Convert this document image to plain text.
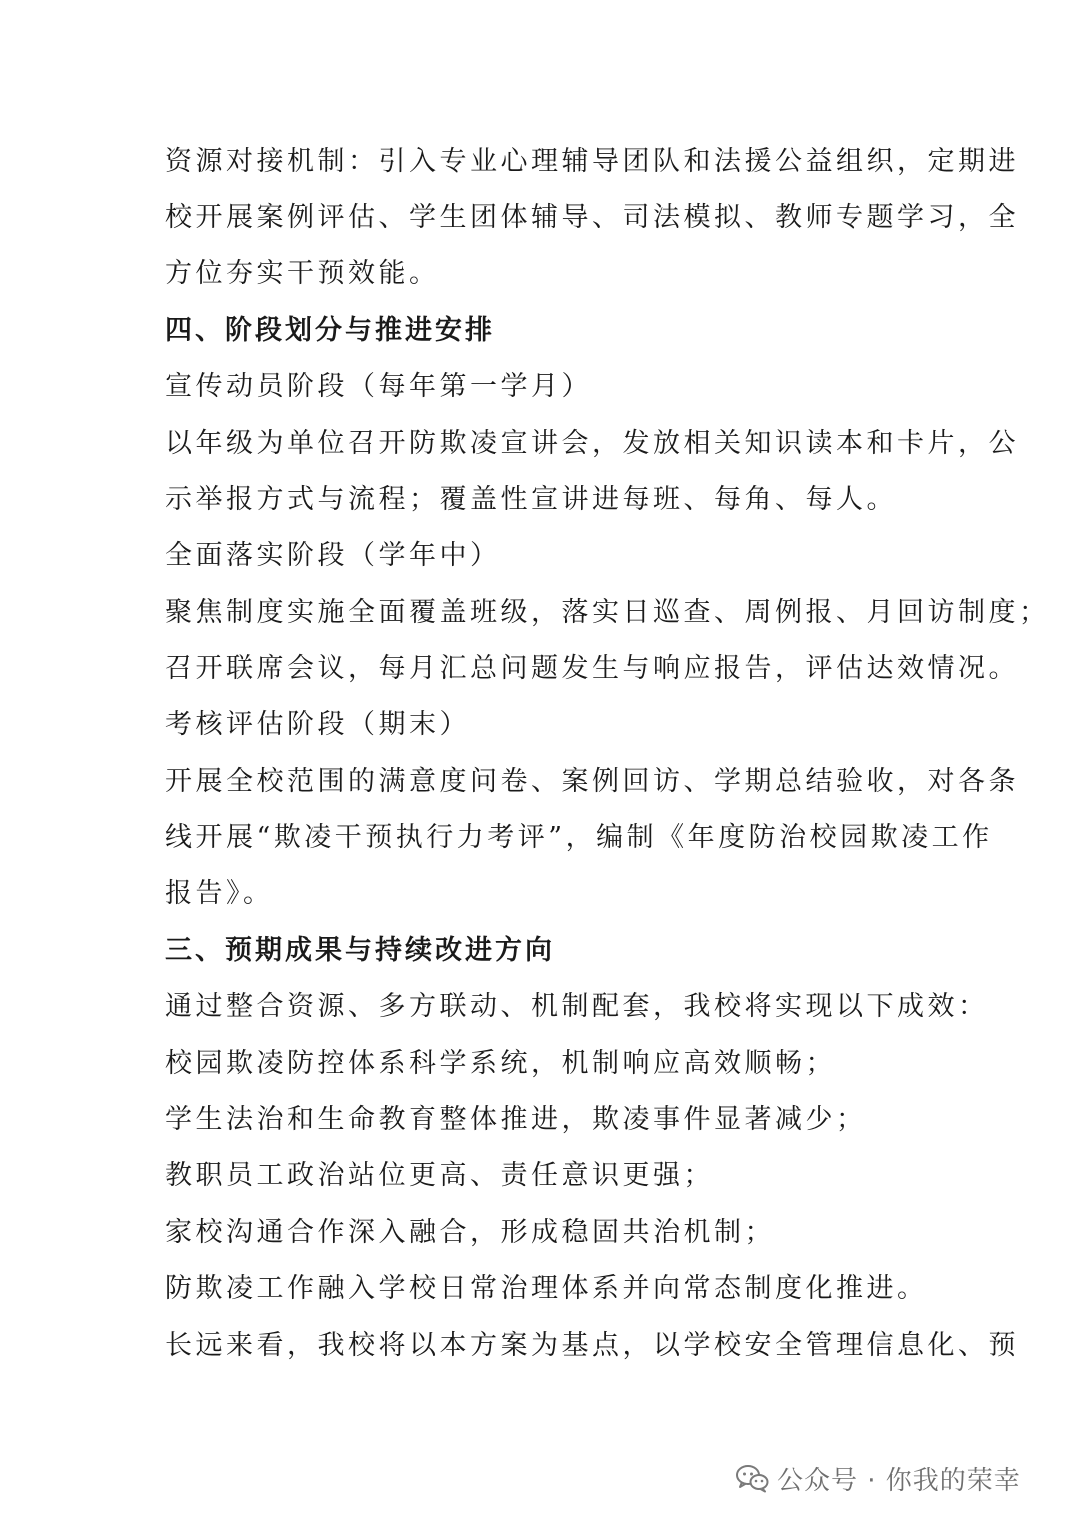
资源对接机制：引入专业心理辅导团队和法援公益组织，定期进
校开展案例评估、学生团体辅导、司法模拟、教师专题学习，全
方位夯实干预效能。
四、阶段划分与推进安排
宣传动员阶段（每年第一学月）
以年级为单位召开防欺凌宣讲会，发放相关知识读本和卡片，公
示举报方式与流程；覆盖性宣讲进每班、每角、每人。
全面落实阶段（学年中）
聚焦制度实施全面覆盖班级，落实日巡查、周例报、月回访制度；
召开联席会议，每月汇总问题发生与响应报告，评估达效情况。
考核评估阶段（期末）
开展全校范围的满意度问卷、案例回访、学期总结验收，对各条
线开展“欺凌干预执行力考评”，编制《年度防治校园欺凌工作
报告》。
三、预期成果与持续改进方向
通过整合资源、多方联动、机制配套，我校将实现以下成效：
校园欺凌防控体系科学系统，机制响应高效顺畅；
学生法治和生命教育整体推进，欺凌事件显著减少；
教职员工政治站位更高、责任意识更强；
家校沟通合作深入融合，形成稳固共治机制；
防欺凌工作融入学校日常治理体系并向常态制度化推进。
长远来看，我校将以本方案为基点，以学校安全管理信息化、预
公众号 · 你我的荣幸
